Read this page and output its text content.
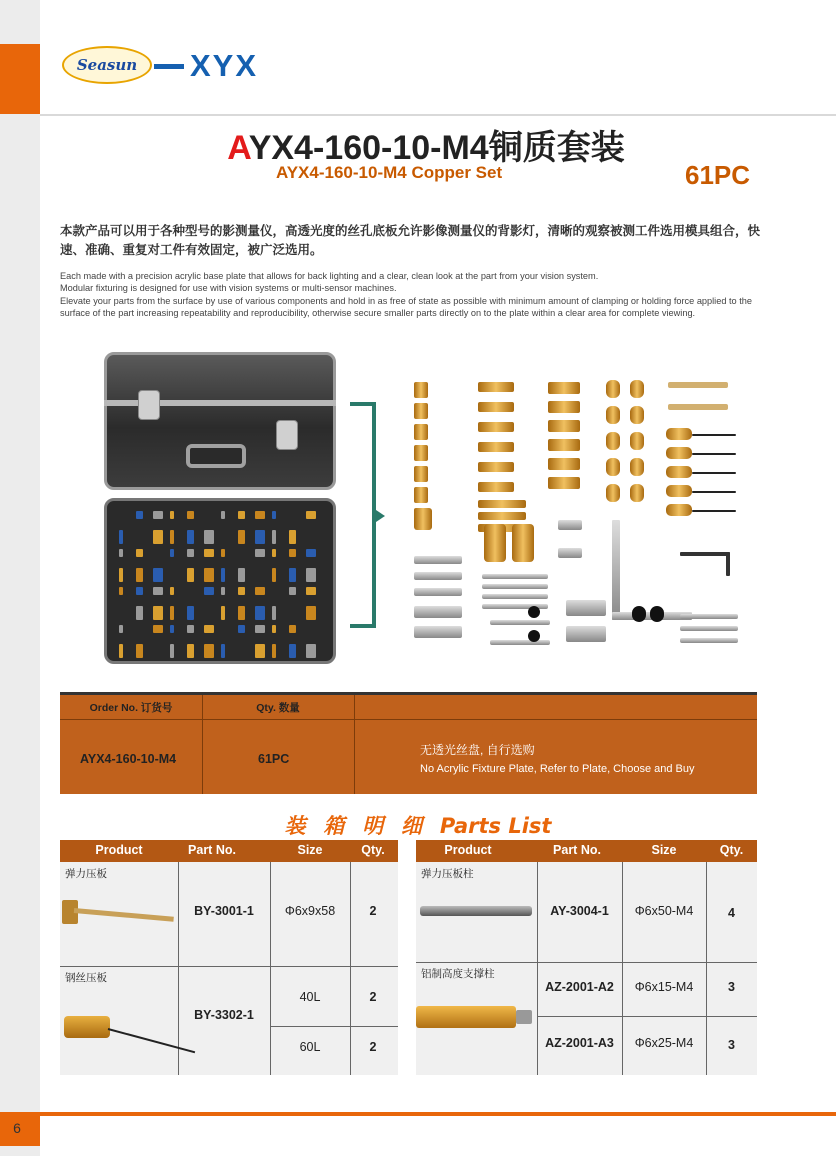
6
Seasun XYX
AYX4-160-10-M4铜质套装
AYX4-160-10-M4 Copper Set	61PC
本款产品可以用于各种型号的影测量仪，高透光度的丝孔底板允许影像测量仪的背影灯，清晰的观察被测工件选用模具组合，快速、准确、重复对工件有效固定，被广泛选用。
Each made with a precision acrylic base plate that allows for back lighting and a clear, clean look at the part from your vision system.
Modular fixturing is designed for use with vision systems or multi-sensor machines.
Elevate your parts from the surface by use of various components and hold in as free of state as possible with minimum amount of clamping or holding force applied to the surface of the part increasing repeatability and reproducibility, otherwise secure smaller parts directly on to the plate within a clear area for complete viewing.
Order No. 订货号	Qty. 数量
AYX4-160-10-M4	61PC
无透光丝盘, 自行选购
No Acrylic Fixture Plate, Refer to Plate, Choose and Buy
装 箱 明 细 Parts List
Product	Part No.	Size	Qty.
弹力压板
BY-3001-1	Φ6x9x58	2
钢丝压板
BY-3302-1
40L	2
60L	2
Product	Part No.	Size	Qty.
弹力压板柱
AY-3004-1	Φ6x50-M4	4
铝制高度支撑柱
AZ-2001-A2	Φ6x15-M4	3
AZ-2001-A3	Φ6x25-M4	3
